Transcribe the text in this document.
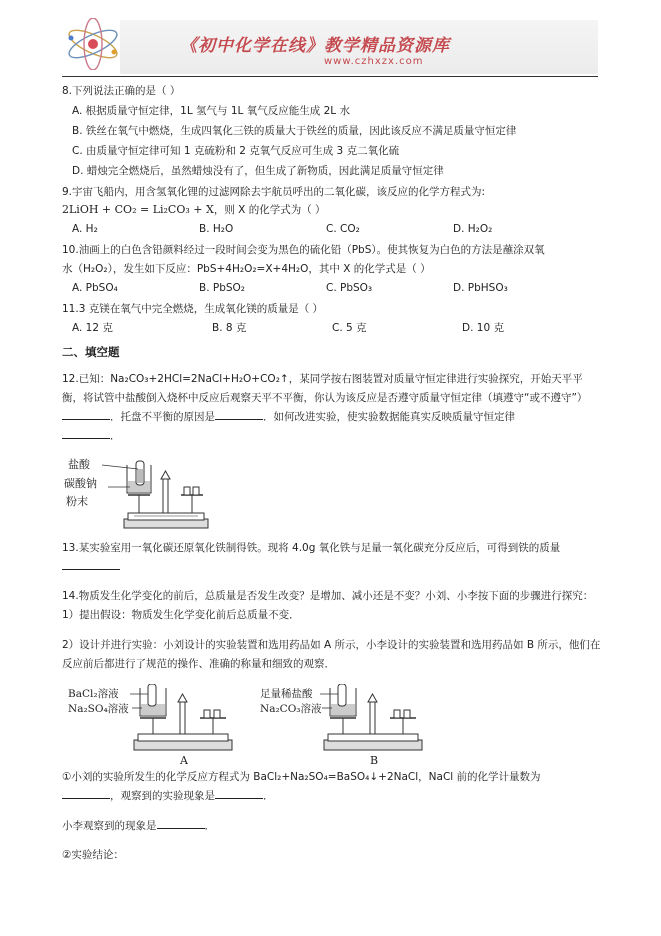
《初中化学在线》教学精品资源库
www.czhxzx.com

8.下列说法正确的是（ ）

A. 根据质量守恒定律，1L 氢气与 1L 氧气反应能生成 2L 水

B. 铁丝在氧气中燃烧，生成四氧化三铁的质量大于铁丝的质量，因此该反应不满足质量守恒定律

C. 由质量守恒定律可知 1 克硫粉和 2 克氧气反应可生成 3 克二氧化硫

D. 蜡烛完全燃烧后，虽然蜡烛没有了，但生成了新物质，因此满足质量守恒定律

9.宇宙飞船内，用含氢氧化锂的过滤网除去宇航员呼出的二氧化碳，该反应的化学方程式为:

2LiOH + CO₂ = Li₂CO₃ + X，则 X 的化学式为（ ）

A. H₂	B. H₂O	C. CO₂	D. H₂O₂

10.油画上的白色含铅颜料经过一段时间会变为黑色的硫化铅（PbS）。使其恢复为白色的方法是蘸涂双氧

水（H₂O₂），发生如下反应：PbS+4H₂O₂=X+4H₂O，其中 X 的化学式是（ ）

A. PbSO₄	B. PbSO₂	C. PbSO₃	D. PbHSO₃

11.3 克镁在氧气中完全燃烧，生成氧化镁的质量是（ ）

A. 12 克	B. 8 克	C. 5 克	D. 10 克

二、填空题

12.已知：Na₂CO₃+2HCl=2NaCl+H₂O+CO₂↑，某同学按右图装置对质量守恒定律进行实验探究，开始天平平衡，将试管中盐酸倒入烧杯中反应后观察天平不平衡，你认为该反应是否遵守质量守恒定律（填遵守“或不遵守”）．托盘不平衡的原因是	．如何改进实验，使实验数据能真实反映质量守恒定律
．

盐酸
碳酸钠
粉末

13.某实验室用一氧化碳还原氧化铁制得铁。现将 4.0g 氧化铁与足量一氧化碳充分反应后，可得到铁的质量

14.物质发生化学变化的前后，总质量是否发生改变？是增加、减小还是不变？小刘、小李按下面的步骤进行探究：　1）提出假设：物质发生化学变化前后总质量不变．

2）设计并进行实验：小刘设计的实验装置和选用药品如 A 所示，小李设计的实验装置和选用药品如 B 所示，他们在反应前后都进行了规范的操作、准确的称量和细致的观察．

BaCl₂溶液
Na₂SO₄溶液
A
足量稀盐酸
Na₂CO₃溶液
B

①小刘的实验所发生的化学反应方程式为 BaCl₂+Na₂SO₄=BaSO₄↓+2NaCl，NaCl 前的化学计量数为
，观察到的实验现象是	．

小李观察到的现象是	．

②实验结论：
